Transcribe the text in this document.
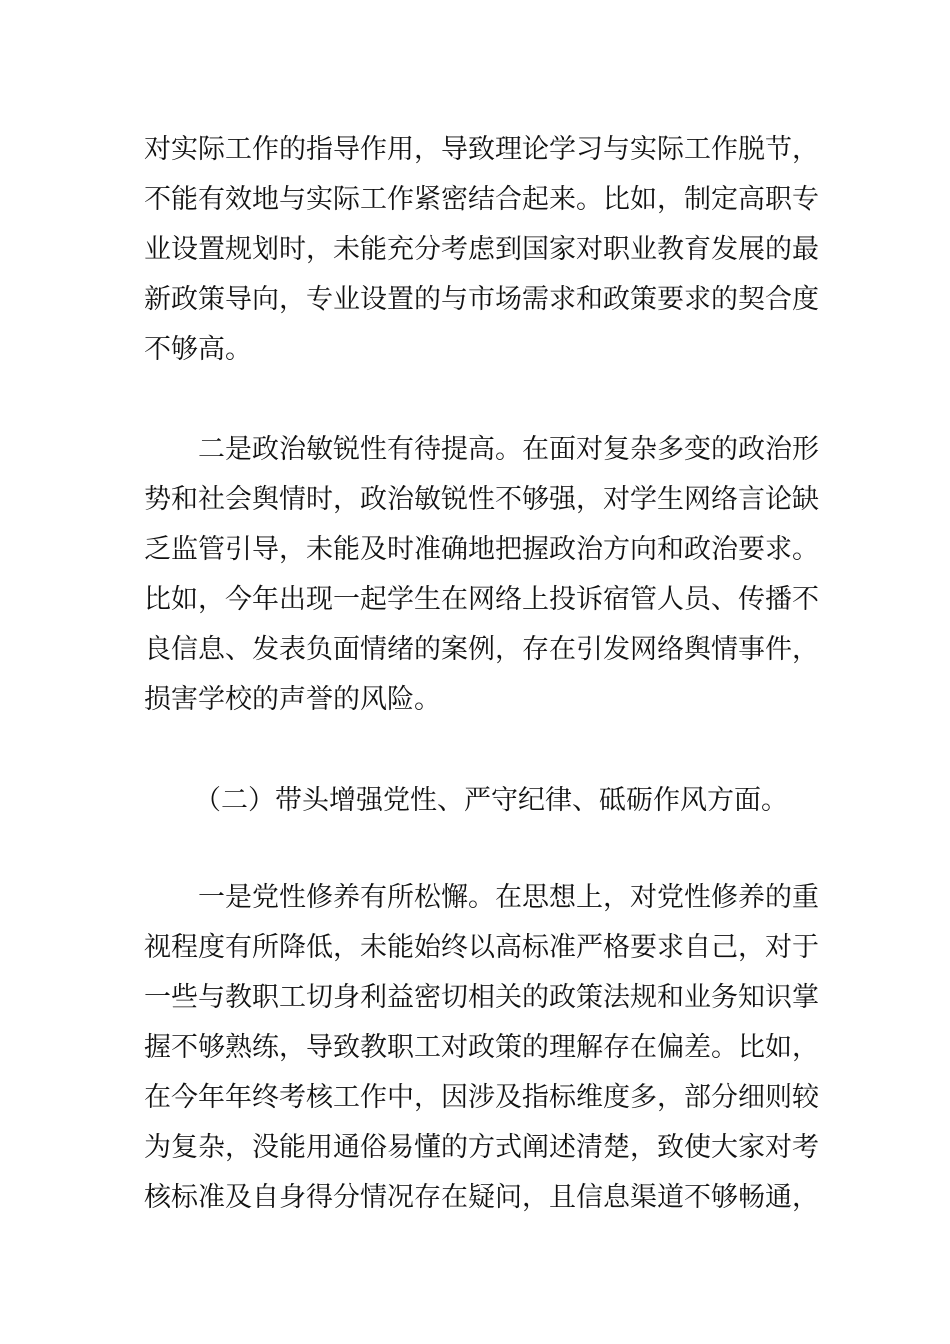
对实际工作的指导作用，导致理论学习与实际工作脱节，
不能有效地与实际工作紧密结合起来。比如，制定高职专
业设置规划时，未能充分考虑到国家对职业教育发展的最
新政策导向，专业设置的与市场需求和政策要求的契合度
不够高。
二是政治敏锐性有待提高。在面对复杂多变的政治形
势和社会舆情时，政治敏锐性不够强，对学生网络言论缺
乏监管引导，未能及时准确地把握政治方向和政治要求。
比如，今年出现一起学生在网络上投诉宿管人员、传播不
良信息、发表负面情绪的案例，存在引发网络舆情事件，
损害学校的声誉的风险。
（二）带头增强党性、严守纪律、砥砺作风方面。
一是党性修养有所松懈。在思想上，对党性修养的重
视程度有所降低，未能始终以高标准严格要求自己，对于
一些与教职工切身利益密切相关的政策法规和业务知识掌
握不够熟练，导致教职工对政策的理解存在偏差。比如，
在今年年终考核工作中，因涉及指标维度多，部分细则较
为复杂，没能用通俗易懂的方式阐述清楚，致使大家对考
核标准及自身得分情况存在疑问，且信息渠道不够畅通，
